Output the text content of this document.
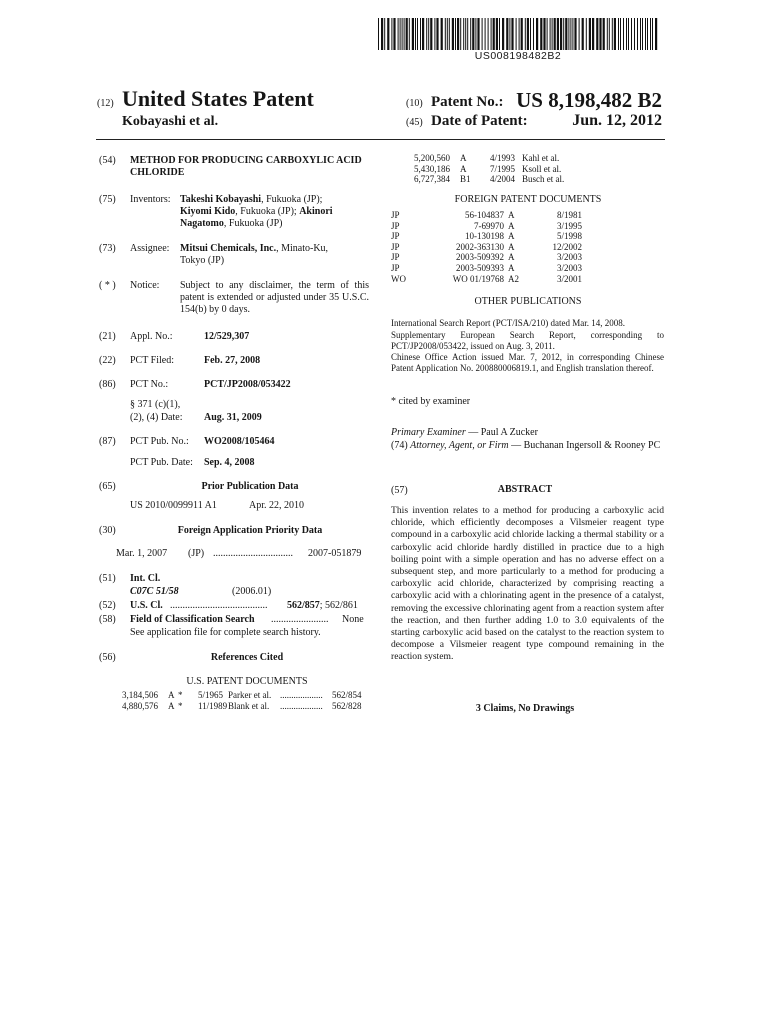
US008198482B2
(12) United States Patent
Kobayashi et al.
(10) Patent No.: US 8,198,482 B2
(45) Date of Patent:	Jun. 12, 2012
(54) METHOD FOR PRODUCING CARBOXYLIC ACID CHLORIDE
(75) Inventors: Takeshi Kobayashi, Fukuoka (JP);
Kiyomi Kido, Fukuoka (JP); Akinori
Nagatomo, Fukuoka (JP)
(73) Assignee: Mitsui Chemicals, Inc., Minato-Ku,
Tokyo (JP)
( * ) Notice: Subject to any disclaimer, the term of this patent is extended or adjusted under 35 U.S.C. 154(b) by 0 days.
(21) Appl. No.:	12/529,307
(22) PCT Filed:	Feb. 27, 2008
(86) PCT No.:	PCT/JP2008/053422
§ 371 (c)(1),
(2), (4) Date: Aug. 31, 2009
(87) PCT Pub. No.: WO2008/105464
PCT Pub. Date: Sep. 4, 2008
(65)	Prior Publication Data
US 2010/0099911 A1	Apr. 22, 2010
(30)	Foreign Application Priority Data
Mar. 1, 2007 (JP) ................................	2007-051879
(51) Int. Cl.
C07C 51/58	(2006.01)
(52) U.S. Cl. .......................................	562/857; 562/861
(58) Field of Classification Search .......................	None
See application file for complete search history.
(56)	References Cited
U.S. PATENT DOCUMENTS
3,184,506	A *	5/1965 Parker et al. ...................	562/854
4,880,576	A *	11/1989 Blank et al.	...................	562/828
5,200,560	A	4/1993 Kahl et al.
5,430,186	A	7/1995 Ksoll et al.
6,727,384	B1	4/2004 Busch et al.
FOREIGN PATENT DOCUMENTS
JP	56-104837 A	8/1981
JP	7-69970 A	3/1995
JP	10-130198 A	5/1998
JP	2002-363130 A	12/2002
JP	2003-509392 A	3/2003
JP	2003-509393 A	3/2003
WO	WO 01/19768 A2	3/2001
OTHER PUBLICATIONS
International Search Report (PCT/ISA/210) dated Mar. 14, 2008.
Supplementary European Search Report, corresponding to PCT/JP2008/053422, issued on Aug. 3, 2011.
Chinese Office Action issued Mar. 7, 2012, in corresponding Chinese Patent Application No. 200880006819.1, and English translation thereof.
* cited by examiner
Primary Examiner — Paul A Zucker
(74) Attorney, Agent, or Firm — Buchanan Ingersoll & Rooney PC
(57)	ABSTRACT
This invention relates to a method for producing a carboxylic acid chloride, which efficiently decomposes a Vilsmeier reagent type compound in a carboxylic acid chloride lacking a thermal stability or a carboxylic acid chloride hardly distilled in practice due to a high boiling point with a simple operation and has no adverse effect on a subsequent step, and more particularly to a method for producing a carboxylic acid chloride, characterized by comprising reacting a carboxylic acid with a chlorinating agent in the presence of a catalyst, removing the excessive chlorinating agent from a reaction system after the reaction, and then further adding 1.0 to 3.0 equivalents of the starting carboxylic acid based on the catalyst to the reaction system to decompose a Vilsmeier reagent type compound remaining in the reaction system.
3 Claims, No Drawings
